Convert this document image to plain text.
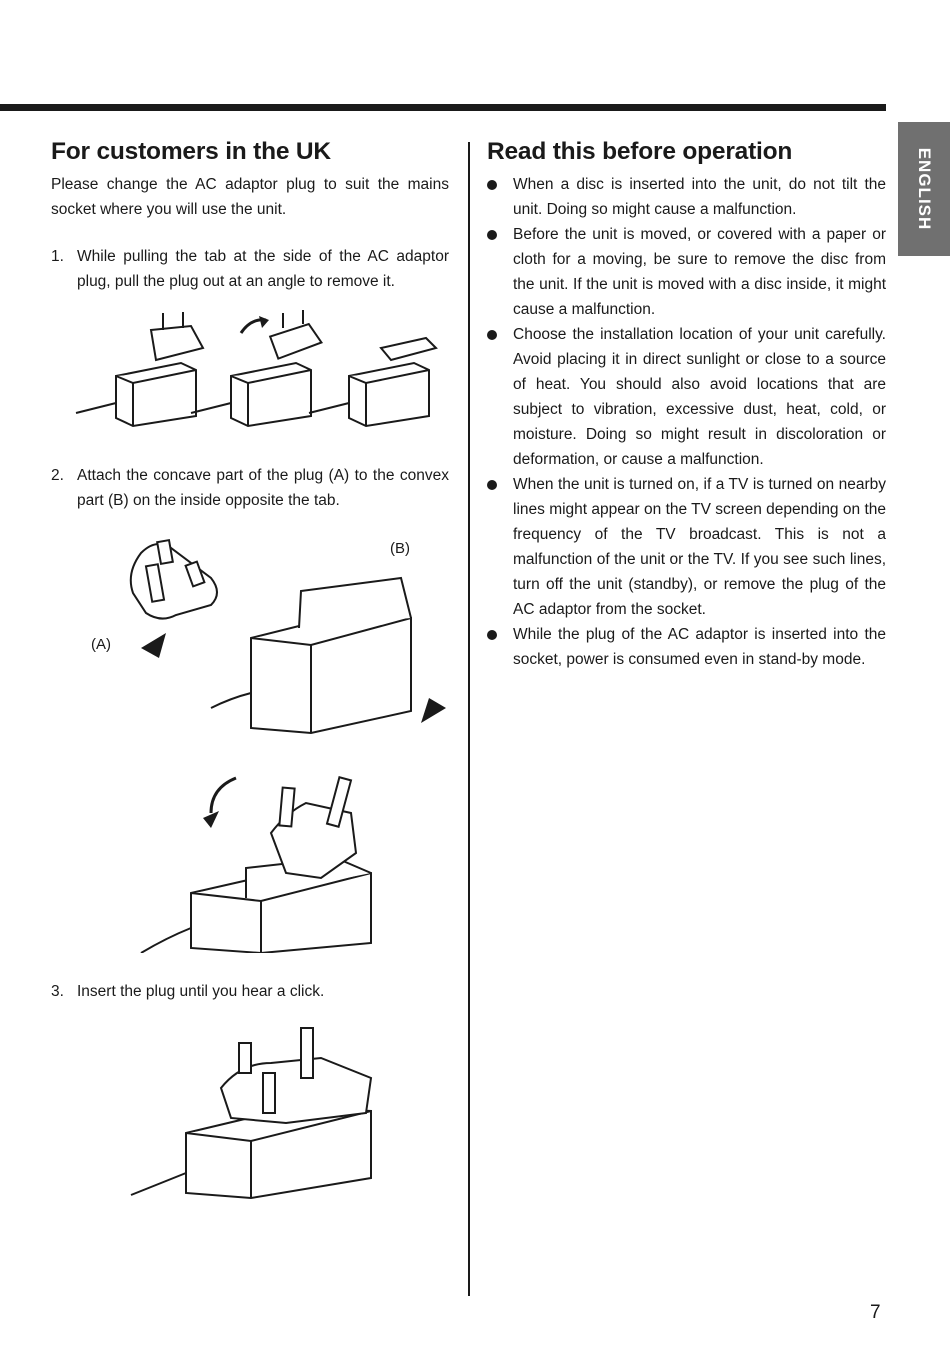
ENGLISH
For customers in the UK

Please change the AC adaptor plug to suit the mains socket where you will use the unit.

1. While pulling the tab at the side of the AC adaptor plug, pull the plug out at an angle to remove it.

2. Attach the concave part of the plug (A) to the convex part (B) on the inside opposite the tab.

(A)
(B)

3. Insert the plug until you hear a click.

Read this before operation
When a disc is inserted into the unit, do not tilt the unit. Doing so might cause a malfunction.
Before the unit is moved, or covered with a paper or cloth for a moving, be sure to remove the disc from the unit. If the unit is moved with a disc inside, it might cause a malfunction.
Choose the installation location of your unit carefully. Avoid placing it in direct sunlight or close to a source of heat. You should also avoid locations that are subject to vibration, excessive dust, heat, cold, or moisture. Doing so might result in discoloration or deformation, or cause a malfunction.
When the unit is turned on, if a TV is turned on nearby lines might appear on the TV screen depending on the frequency of the TV broadcast. This is not a malfunction of the unit or the TV. If you see such lines, turn off the unit (standby), or remove the plug of the AC adaptor from the socket.
While the plug of the AC adaptor is inserted into the socket, power is consumed even in stand-by mode.
7
